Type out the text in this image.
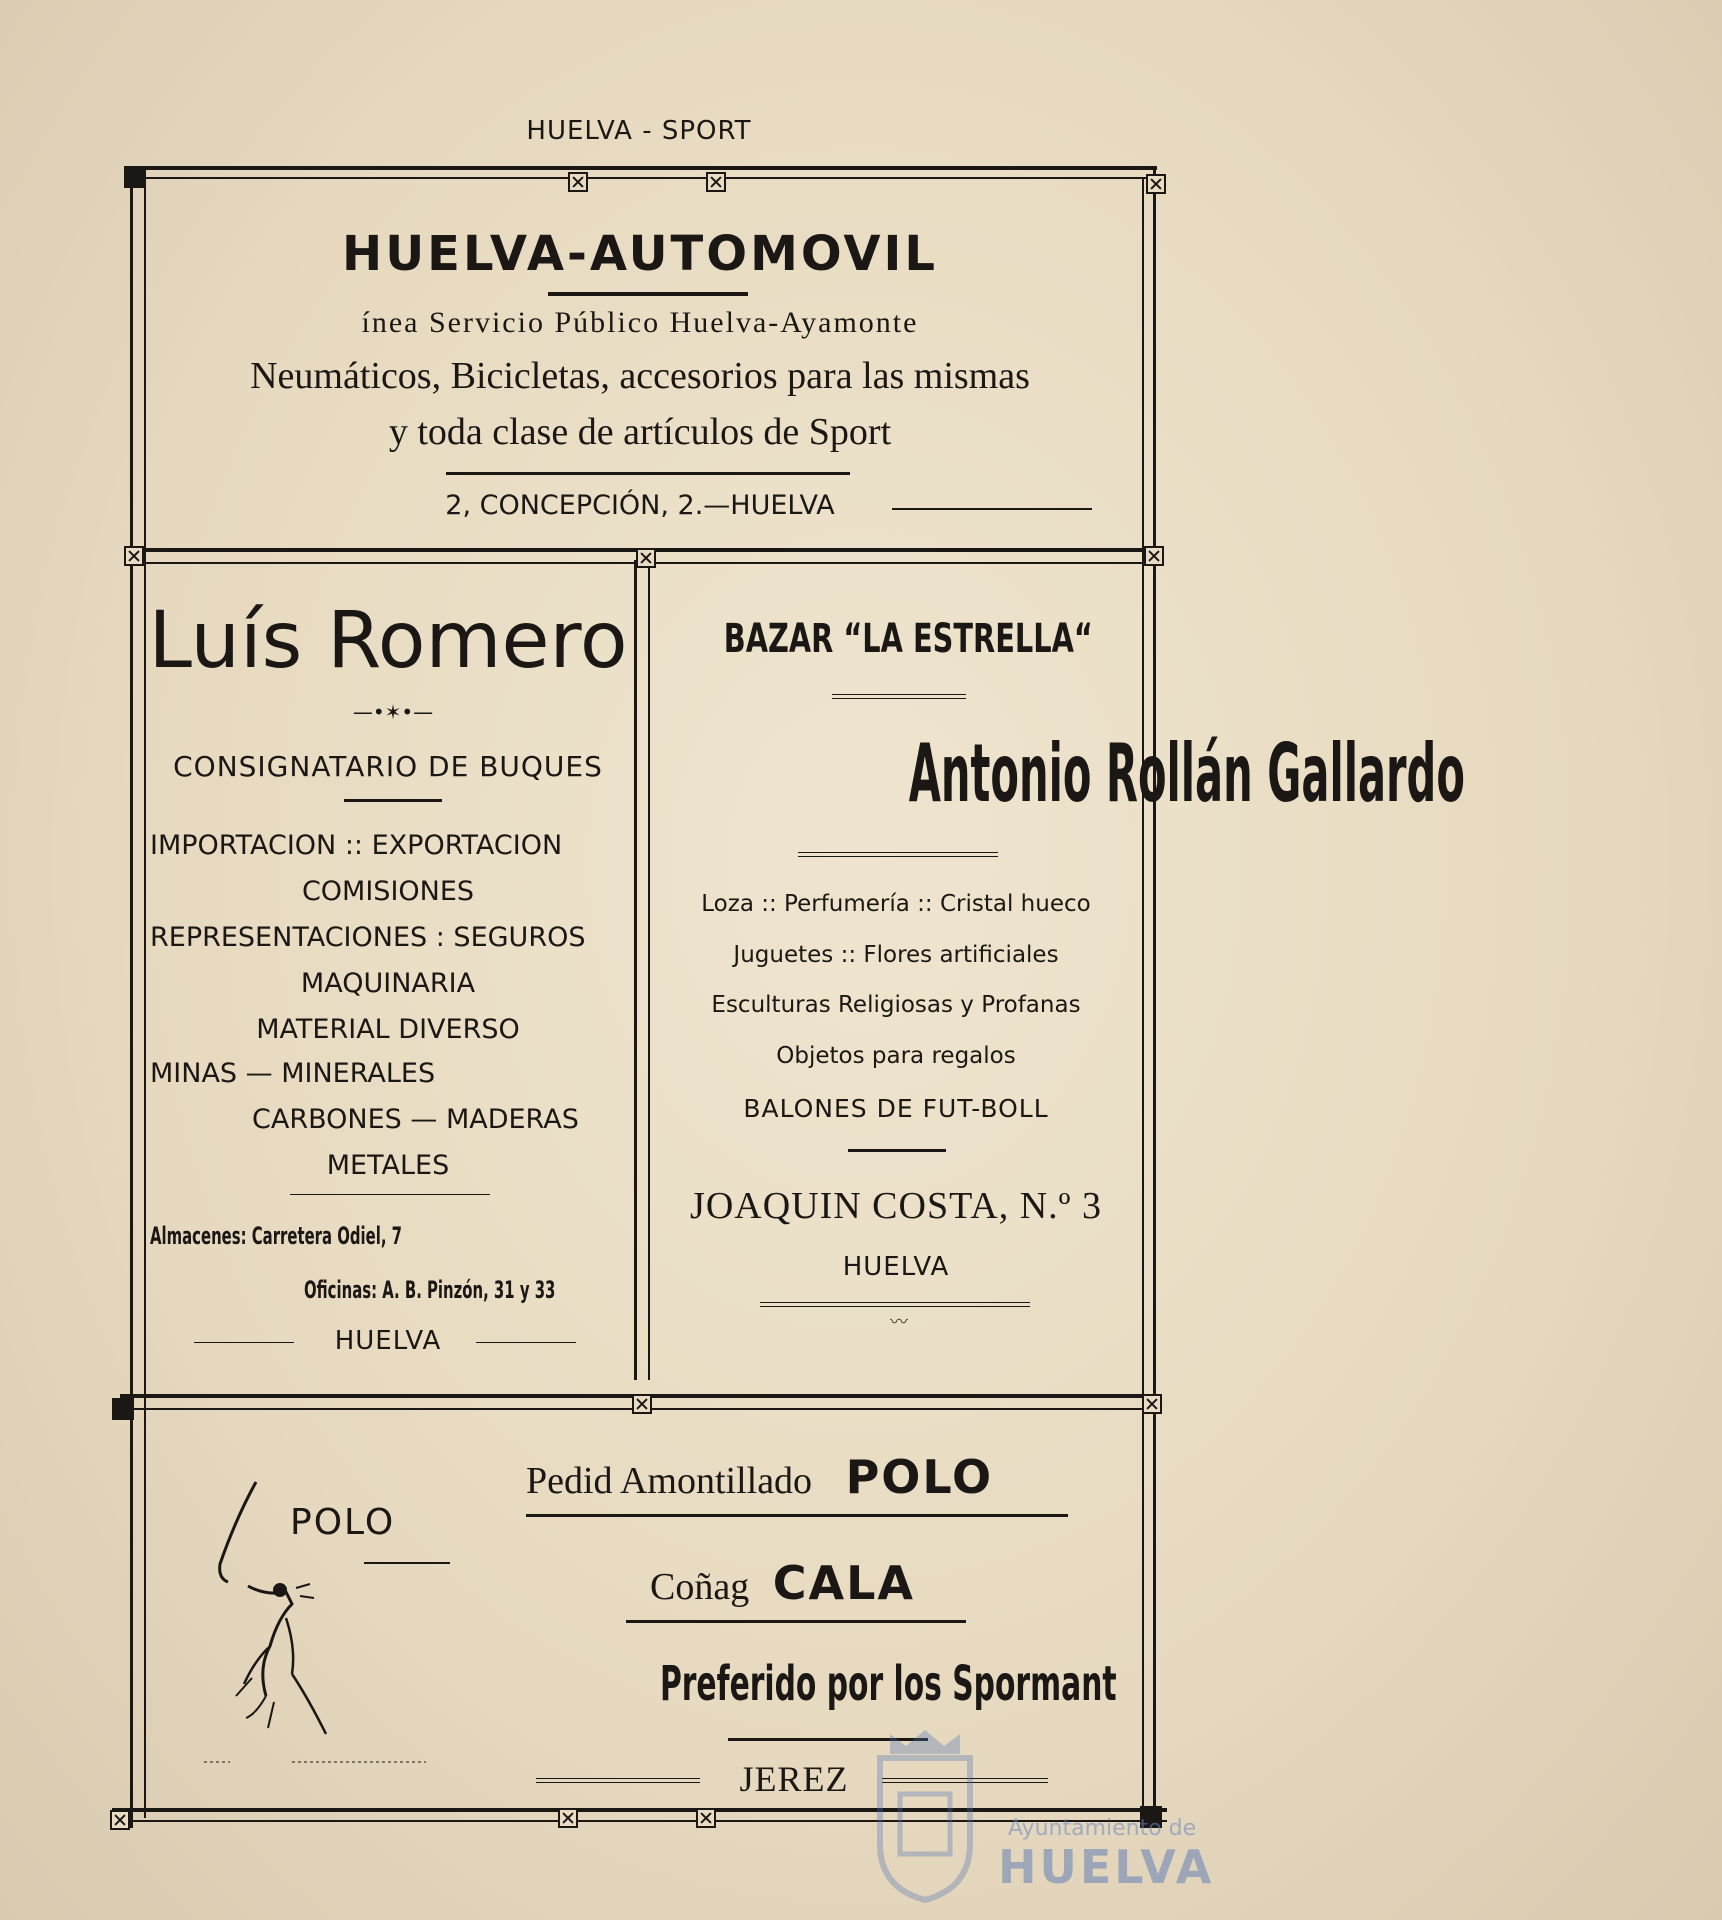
HUELVA - SPORT
HUELVA-AUTOMOVIL
ínea Servicio Público Huelva-Ayamonte
Neumáticos, Bicicletas, accesorios para las mismas
y toda clase de artículos de Sport
2, CONCEPCIÓN, 2.—HUELVA
Luís Romero
—•✶•—
CONSIGNATARIO DE BUQUES
IMPORTACION :: EXPORTACION
COMISIONES
REPRESENTACIONES : SEGUROS
MAQUINARIA
MATERIAL DIVERSO
MINAS — MINERALES
CARBONES — MADERAS
METALES
Almacenes: Carretera Odiel, 7
Oficinas: A. B. Pinzón, 31 y 33
HUELVA
BAZAR “LA ESTRELLA“
Antonio Rollán Gallardo
Loza :: Perfumería :: Cristal hueco
Juguetes :: Flores artificiales
Esculturas Religiosas y Profanas
Objetos para regalos
BALONES DE FUT-BOLL
JOAQUIN COSTA, N.º 3
HUELVA
〰
POLO
Pedid Amontillado POLO
Coñag CALA
Preferido por los Spormant
JEREZ
Ayuntamiento de
HUELVA
